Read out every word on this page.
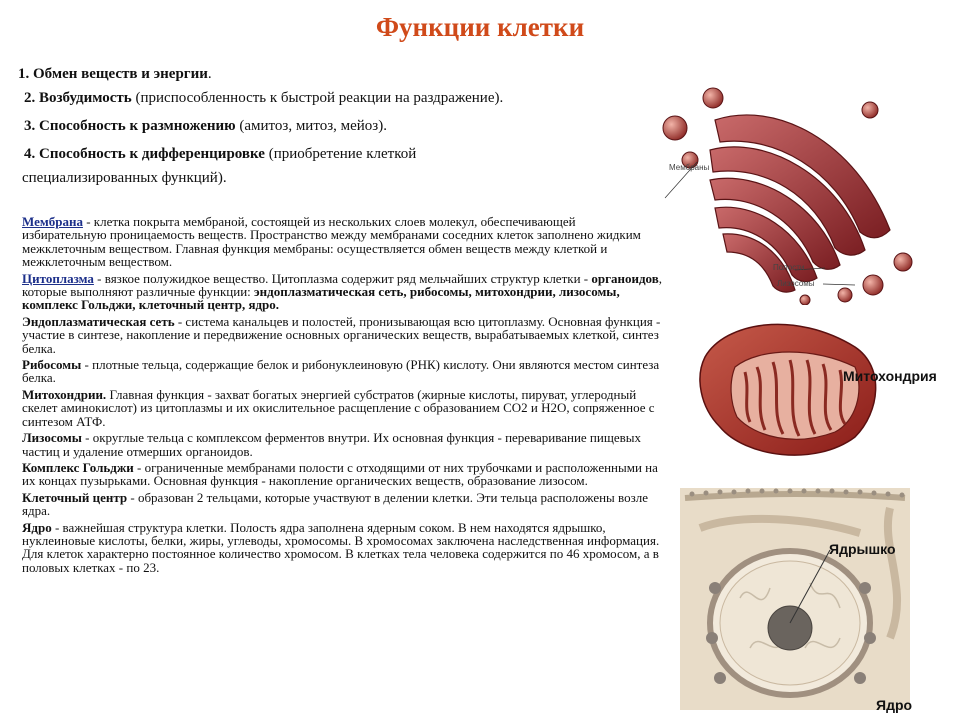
Функции клетки
1. Обмен веществ и энергии.
2. Возбудимость (приспособленность к быстрой реакции на раздражение).
3. Способность к размножению (амитоз, митоз, мейоз).
4. Способность к дифференцировке (приобретение клеткой
специализированных функций).

Мембрана - клетка покрыта мембраной, состоящей из нескольких слоев молекул, обеспечивающей избирательную проницаемость веществ. Пространство между мембранами соседних клеток заполнено жидким межклеточным веществом. Главная функция мембраны: осуществляется обмен веществ между клеткой и межклеточным веществом.

Цитоплазма - вязкое полужидкое вещество. Цитоплазма содержит ряд мельчайших структур клетки - органоидов, которые выполняют различные функции: эндоплазматическая сеть, рибосомы, митохондрии, лизосомы, комплекс Гольджи, клеточный центр, ядро.

Эндоплазматическая сеть - система канальцев и полостей, пронизывающая всю цитоплазму. Основная функция - участие в синтезе, накопление и передвижение основных органических веществ, вырабатываемых клеткой, синтез белка.

Рибосомы - плотные тельца, содержащие белок и рибонуклеиновую (РНК) кислоту. Они являются местом синтеза белка.

Митохондрии. Главная функция - захват богатых энергией субстратов (жирные кислоты, пируват, углеродный скелет аминокислот) из цитоплазмы и их окислительное расщепление с образованием СО2 и Н2О, сопряженное с синтезом АТФ.

Лизосомы - округлые тельца с комплексом ферментов внутри. Их основная функция - переваривание пищевых частиц и удаление отмерших органоидов.

Комплекс Гольджи - ограниченные мембранами полости с отходящими от них трубочками и расположенными на их концах пузырьками. Основная функция - накопление органических веществ, образование лизосом.

Клеточный центр - образован 2 тельцами, которые участвуют в делении клетки. Эти тельца расположены возле ядра.

Ядро - важнейшая структура клетки. Полость ядра заполнена ядерным соком. В нем находятся ядрышко, нуклеиновые кислоты, белки, жиры, углеводы, хромосомы. В хромосомах заключена наследственная информация. Для клеток характерно постоянное количество хромосом. В клетках тела человека содержится по 46 хромосом, а в половых клетках - по 23.

Мембраны
Полости
Лизосомы
Митохондрия
Ядрышко
Ядро
